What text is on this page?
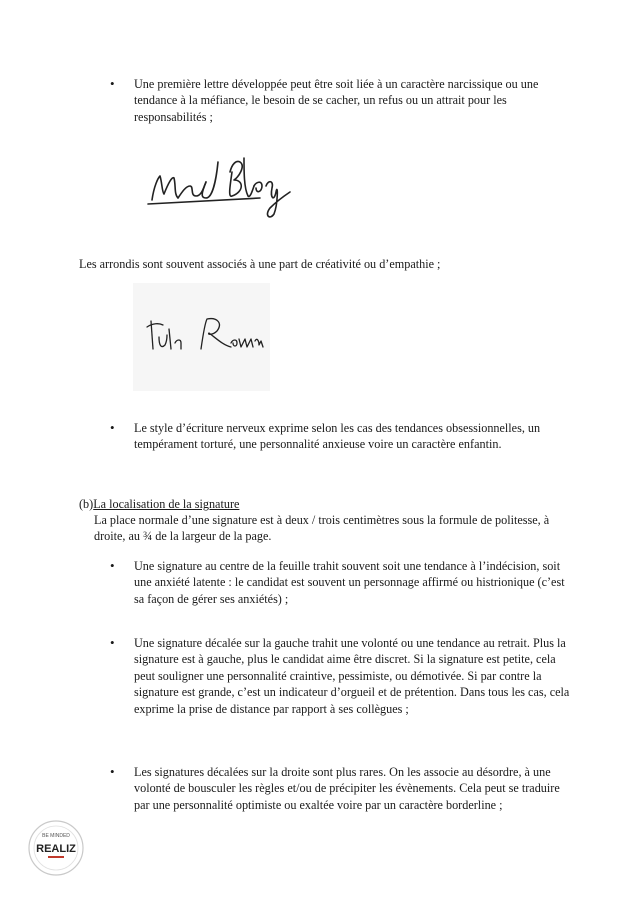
• Une première lettre développée peut être soit liée à un caractère narcissique ou une tendance à la méfiance, le besoin de se cacher, un refus ou un attrait pour les responsabilités ;
Les arrondis sont souvent associés à une part de créativité ou d’empathie ;
• Le style d’écriture nerveux exprime selon les cas des tendances obsessionnelles, un tempérament torturé, une personnalité anxieuse voire un caractère enfantin.
(b)La localisation de la signature
La place normale d’une signature est à deux / trois centimètres sous la formule de politesse, à droite, au ¾ de la largeur de la page.
• Une signature au centre de la feuille trahit souvent soit une tendance à l’indécision, soit une anxiété latente : le candidat est souvent un personnage affirmé ou histrionique (c’est sa façon de gérer ses anxiétés) ;
• Une signature décalée sur la gauche trahit une volonté ou une tendance au retrait. Plus la signature est à gauche, plus le candidat aime être discret. Si la signature est petite, cela peut souligner une personnalité craintive, pessimiste, ou démotivée. Si par contre la signature est grande, c’est un indicateur d’orgueil et de prétention. Dans tous les cas, cela exprime la prise de distance par rapport à ses collègues ;
• Les signatures décalées sur la droite sont plus rares. On les associe au désordre, à une volonté de bousculer les règles et/ou de précipiter les évènements. Cela peut se traduire par une personnalité optimiste ou exaltée voire par un caractère borderline ;
BE MINDED
REALIZ
